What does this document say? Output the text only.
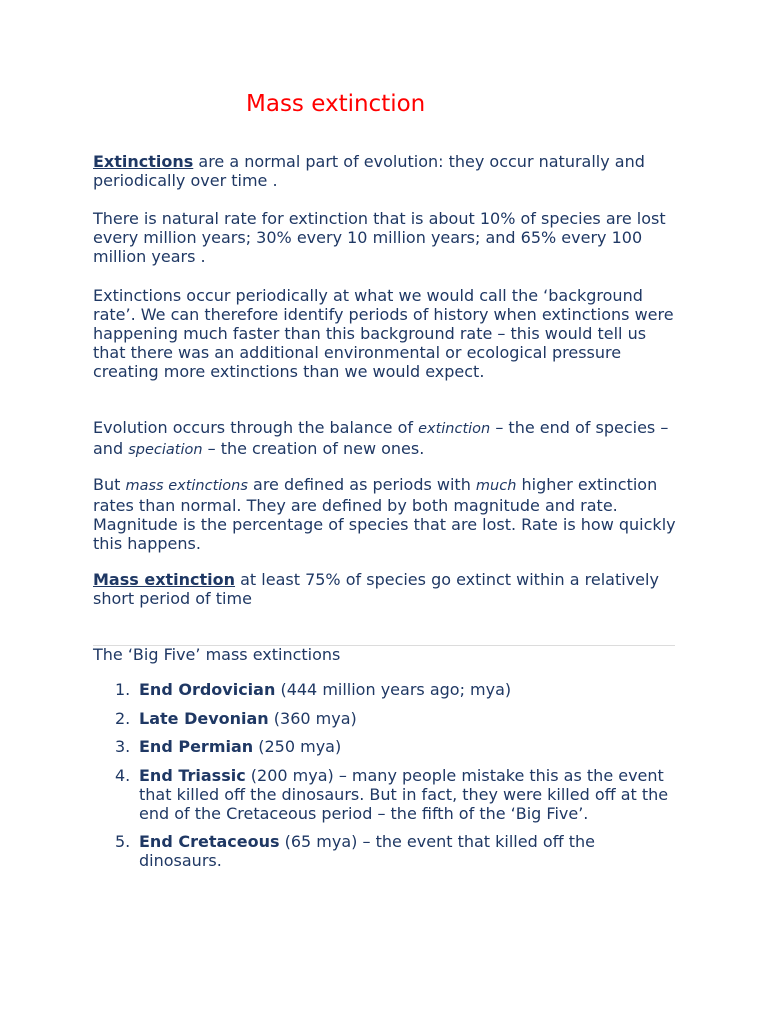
Mass extinction

Extinctions are a normal part of evolution: they occur naturally and periodically over time .

There is natural rate for extinction that is about 10% of species are lost every million years; 30% every 10 million years; and 65% every 100 million years .

Extinctions occur periodically at what we would call the ‘background rate’. We can therefore identify periods of history when extinctions were happening much faster than this background rate – this would tell us that there was an additional environmental or ecological pressure creating more extinctions than we would expect.

Evolution occurs through the balance of extinction – the end of species – and speciation – the creation of new ones.

But mass extinctions are defined as periods with much higher extinction rates than normal. They are defined by both magnitude and rate. Magnitude is the percentage of species that are lost. Rate is how quickly this happens.

Mass extinction at least 75% of species go extinct within a relatively short period of time

The ‘Big Five’ mass extinctions

1. End Ordovician (444 million years ago; mya)
2. Late Devonian (360 mya)
3. End Permian (250 mya)
4. End Triassic (200 mya) – many people mistake this as the event that killed off the dinosaurs. But in fact, they were killed off at the end of the Cretaceous period – the fifth of the ‘Big Five’.
5. End Cretaceous (65 mya) – the event that killed off the dinosaurs.
